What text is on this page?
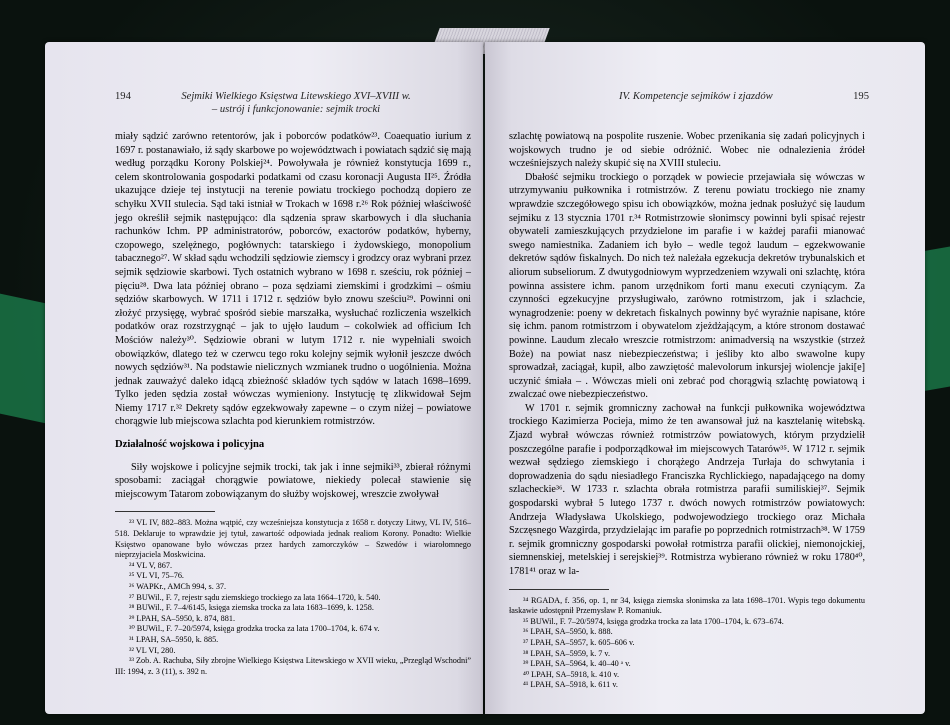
194	Sejmiki Wielkiego Księstwa Litewskiego XVI–XVIII w. – ustrój i funkcjonowanie: sejmik trocki

miały sądzić zarówno retentorów, jak i poborców podatków²³. Coaequatio iurium z 1697 r. postanawiało, iż sądy skarbowe po województwach i powiatach sądzić się mają według porządku Korony Polskiej²⁴. Powoływała je również konstytucja 1699 r., celem skontrolowania gospodarki podatkami od czasu koronacji Augusta II²⁵. Źródła ukazujące dzieje tej instytucji na terenie powiatu trockiego pochodzą dopiero ze schyłku XVII stulecia. Sąd taki istniał w Trokach w 1698 r.²⁶ Rok później właściwość jego określił sejmik następująco: dla sądzenia spraw skarbowych i dla słuchania rachunków Ichm. PP administratorów, poborców, exactorów podatków, hyberny, czopowego, szelężnego, pogłównych: tatarskiego i żydowskiego, monopolium tabacznego²⁷. W skład sądu wchodzili sędziowie ziemscy i grodzcy oraz wybrani przez sejmik sędziowie skarbowi. Tych ostatnich wybrano w 1698 r. sześciu, rok później – pięciu²⁸. Dwa lata później obrano – poza sędziami ziemskimi i grodzkimi – ośmiu sędziów skarbowych. W 1711 i 1712 r. sędziów było znowu sześciu²⁹. Powinni oni złożyć przysięgę, wybrać spośród siebie marszałka, wysłuchać rozliczenia wszelkich podatków oraz rozstrzygnąć – jak to ujęło laudum – cokolwiek ad officium Ich Mościów należy³⁰. Sędziowie obrani w lutym 1712 r. nie wypełniali swoich obowiązków, dlatego też w czerwcu tego roku kolejny sejmik wyłonił jeszcze dwóch nowych sędziów³¹. Na podstawie nielicznych wzmianek trudno o uogólnienia. Można jednak zauważyć daleko idącą zbieżność składów tych sądów w latach 1698–1699. Tylko jeden sędzia został wówczas wymieniony. Instytucję tę zlikwidował Sejm Niemy 1717 r.³² Dekrety sądów egzekwowały zapewne – o czym niżej – powiatowe chorągwie lub miejscowa szlachta pod kierunkiem rotmistrzów.

Działalność wojskowa i policyjna

Siły wojskowe i policyjne sejmik trocki, tak jak i inne sejmiki³³, zbierał różnymi sposobami: zaciągał chorągwie powiatowe, niekiedy polecał stawienie się miejscowym Tatarom zobowiązanym do służby wojskowej, wreszcie zwoływał

²³ VL IV, 882–883. Można wątpić, czy wcześniejsza konstytucja z 1658 r. dotyczy Litwy, VL IV, 516–518. Deklaruje to wprawdzie jej tytuł, zawartość odpowiada jednak realiom Korony. Ponadto: Wielkie Księstwo opanowane było wówczas przez hardych zamorczyków – Szwedów i wiarołomnego nieprzyjaciela Moskwicina.
²⁴ VL V, 867.
²⁵ VL VI, 75–76.
²⁶ WAPKr., AMCh 994, s. 37.
²⁷ BUWil., F. 7, rejestr sądu ziemskiego trockiego za lata 1664–1720, k. 540.
²⁸ BUWil., F. 7–4/6145, księga ziemska trocka za lata 1683–1699, k. 1258.
²⁹ LPAH, SA–5950, k. 874, 881.
³⁰ BUWil., F. 7–20/5974, księga grodzka trocka za lata 1700–1704, k. 674 v.
³¹ LPAH, SA–5950, k. 885.
³² VL VI, 280.
³³ Zob. A. Rachuba, Siły zbrojne Wielkiego Księstwa Litewskiego w XVII wieku, „Przegląd Wschodni” III: 1994, z. 3 (11), s. 392 n.
IV. Kompetencje sejmików i zjazdów	195

szlachtę powiatową na pospolite ruszenie. Wobec przenikania się zadań policyjnych i wojskowych trudno je od siebie odróżnić. Wobec nie odnalezienia źródeł wcześniejszych należy skupić się na XVIII stuleciu.

Dbałość sejmiku trockiego o porządek w powiecie przejawiała się wówczas w utrzymywaniu pułkownika i rotmistrzów. Z terenu powiatu trockiego nie znamy wprawdzie szczegółowego spisu ich obowiązków, można jednak posłużyć się laudum sejmiku z 13 stycznia 1701 r.³⁴ Rotmistrzowie słonimscy powinni byli spisać rejestr obywateli zamieszkujących przydzielone im parafie i w każdej parafii mianować swego namiestnika. Zadaniem ich było – wedle tegoż laudum – egzekwowanie dekretów sądów fiskalnych. Do nich też należała egzekucja dekretów trybunalskich et aliorum subseliorum. Z dwutygodniowym wyprzedzeniem wzywali oni szlachtę, która powinna assistere ichm. panom urzędnikom forti manu executi czyniącym. Za czynności egzekucyjne przysługiwało, zarówno rotmistrzom, jak i szlachcie, wynagrodzenie: poeny w dekretach fiskalnych powinny być wyraźnie napisane, które się ichm. panom rotmistrzom i obywatelom zjeżdżającym, a które stronom dostawać powinne. Laudum zlecało wreszcie rotmistrzom: animadversią na wszystkie (strzeż Boże) na powiat nasz niebezpieczeństwa; i jeśliby kto albo swawolne kupy sprowadzał, zaciągał, kupił, albo zawziętość malevolorum inkursjej wiolencje jaki[e] uczynić śmiała – . Wówczas mieli oni zebrać pod chorągwią szlachtę powiatową i zwalczać owe niebezpieczeństwo.

W 1701 r. sejmik gromniczny zachował na funkcji pułkownika województwa trockiego Kazimierza Pocieja, mimo że ten awansował już na kasztelanię witebską. Zjazd wybrał wówczas również rotmistrzów powiatowych, którym przydzielił poszczególne parafie i podporządkował im miejscowych Tatarów³⁵. W 1712 r. sejmik wezwał sędziego ziemskiego i chorążego Andrzeja Turłaja do schwytania i doprowadzenia do sądu niesiadłego Franciszka Rychlickiego, napadającego na domy szlacheckie³⁶. W 1733 r. szlachta obrała rotmistrza parafii sumiliskiej³⁷. Sejmik gospodarski wybrał 5 lutego 1737 r. dwóch nowych rotmistrzów powiatowych: Andrzeja Władysława Ukolskiego, podwojewodziego trockiego oraz Michała Szczęsnego Wazgirda, przydzielając im parafie po poprzednich rotmistrzach³⁸. W 1759 r. sejmik gromniczny gospodarski powołał rotmistrza parafii olickiej, niemonojckiej, siemnenskiej, metelskiej i serejskiej³⁹. Rotmistrza wybierano również w roku 1780⁴⁰, 1781⁴¹ oraz w la-

³⁴ RGADA, f. 356, op. 1, nr 34, księga ziemska słonimska za lata 1698–1701. Wypis tego dokumentu łaskawie udostępnił Przemysław P. Romaniuk.
³⁵ BUWil., F. 7–20/5974, księga grodzka trocka za lata 1700–1704, k. 673–674.
³⁶ LPAH, SA–5950, k. 888.
³⁷ LPAH, SA–5957, k. 605–606 v.
³⁸ LPAH, SA–5959, k. 7 v.
³⁹ LPAH, SA–5964, k. 40–40 ᵃ v.
⁴⁰ LPAH, SA–5918, k. 410 v.
⁴¹ LPAH, SA–5918, k. 611 v.
